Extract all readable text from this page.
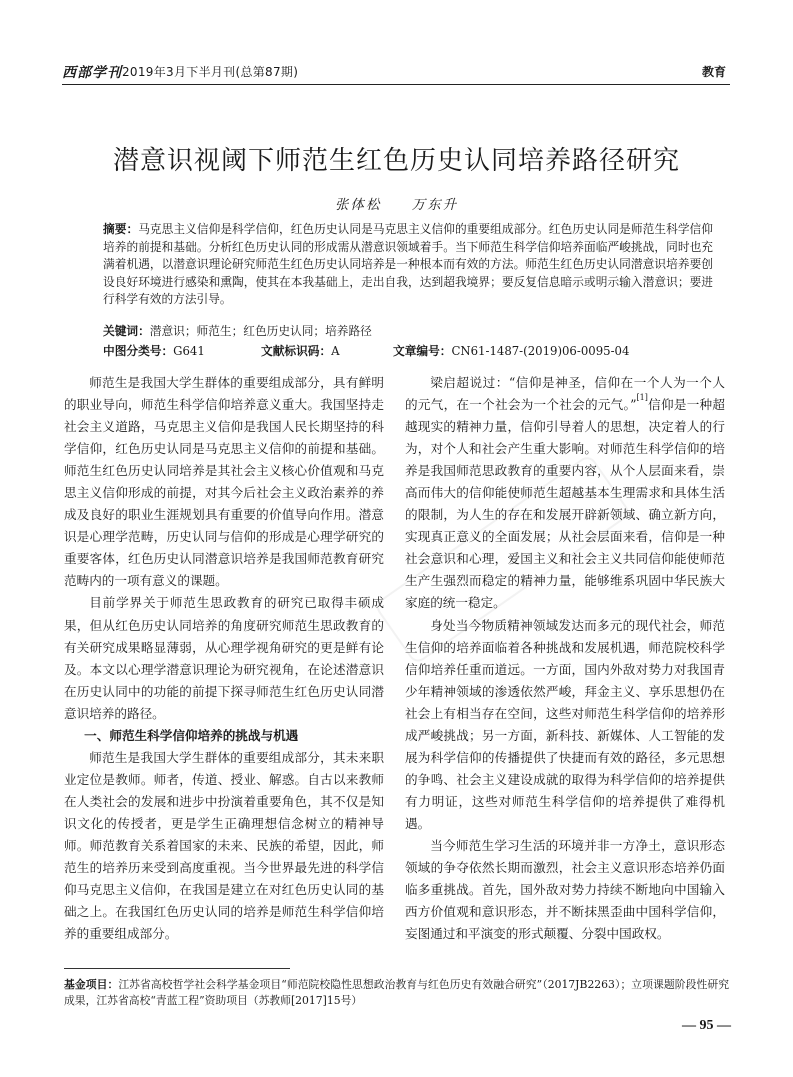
西部学刊 2019年3月下半月刊(总第87期)	教育
潜意识视阈下师范生红色历史认同培养路径研究
张体松 万东升
摘要：马克思主义信仰是科学信仰，红色历史认同是马克思主义信仰的重要组成部分。红色历史认同是师范生科学信仰培养的前提和基础。分析红色历史认同的形成需从潜意识领域着手。当下师范生科学信仰培养面临严峻挑战，同时也充满着机遇，以潜意识理论研究师范生红色历史认同培养是一种根本而有效的方法。师范生红色历史认同潜意识培养要创设良好环境进行感染和熏陶，使其在本我基础上，走出自我，达到超我境界；要反复信息暗示或明示输入潜意识；要进行科学有效的方法引导。
关键词：潜意识；师范生；红色历史认同；培养路径
中图分类号：G641	文献标识码：A	文章编号：CN61-1487-(2019)06-0095-04

师范生是我国大学生群体的重要组成部分，具有鲜明的职业导向，师范生科学信仰培养意义重大。我国坚持走社会主义道路，马克思主义信仰是我国人民长期坚持的科学信仰，红色历史认同是马克思主义信仰的前提和基础。师范生红色历史认同培养是其社会主义核心价值观和马克思主义信仰形成的前提，对其今后社会主义政治素养的养成及良好的职业生涯规划具有重要的价值导向作用。潜意识是心理学范畴，历史认同与信仰的形成是心理学研究的重要客体，红色历史认同潜意识培养是我国师范教育研究范畴内的一项有意义的课题。

目前学界关于师范生思政教育的研究已取得丰硕成果，但从红色历史认同培养的角度研究师范生思政教育的有关研究成果略显薄弱，从心理学视角研究的更是鲜有论及。本文以心理学潜意识理论为研究视角，在论述潜意识在历史认同中的功能的前提下探寻师范生红色历史认同潜意识培养的路径。

一、师范生科学信仰培养的挑战与机遇

师范生是我国大学生群体的重要组成部分，其未来职业定位是教师。师者，传道、授业、解惑。自古以来教师在人类社会的发展和进步中扮演着重要角色，其不仅是知识文化的传授者，更是学生正确理想信念树立的精神导师。师范教育关系着国家的未来、民族的希望，因此，师范生的培养历来受到高度重视。当今世界最先进的科学信仰马克思主义信仰，在我国是建立在对红色历史认同的基础之上。在我国红色历史认同的培养是师范生科学信仰培养的重要组成部分。

梁启超说过：“信仰是神圣，信仰在一个人为一个人的元气，在一个社会为一个社会的元气。”[1]信仰是一种超越现实的精神力量，信仰引导着人的思想，决定着人的行为，对个人和社会产生重大影响。对师范生科学信仰的培养是我国师范思政教育的重要内容，从个人层面来看，崇高而伟大的信仰能使师范生超越基本生理需求和具体生活的限制，为人生的存在和发展开辟新领域、确立新方向，实现真正意义的全面发展；从社会层面来看，信仰是一种社会意识和心理，爱国主义和社会主义共同信仰能使师范生产生强烈而稳定的精神力量，能够维系巩固中华民族大家庭的统一稳定。

身处当今物质精神领域发达而多元的现代社会，师范生信仰的培养面临着各种挑战和发展机遇，师范院校科学信仰培养任重而道远。一方面，国内外敌对势力对我国青少年精神领域的渗透依然严峻，拜金主义、享乐思想仍在社会上有相当存在空间，这些对师范生科学信仰的培养形成严峻挑战；另一方面，新科技、新媒体、人工智能的发展为科学信仰的传播提供了快捷而有效的路径，多元思想的争鸣、社会主义建设成就的取得为科学信仰的培养提供有力明证，这些对师范生科学信仰的培养提供了难得机遇。

当今师范生学习生活的环境并非一方净土，意识形态领域的争夺依然长期而激烈，社会主义意识形态培养仍面临多重挑战。首先，国外敌对势力持续不断地向中国输入西方价值观和意识形态，并不断抹黑歪曲中国科学信仰，妄图通过和平演变的形式颠覆、分裂中国政权。

基金项目：江苏省高校哲学社会科学基金项目“师范院校隐性思想政治教育与红色历史有效融合研究”（2017JB2263）；立项课题阶段性研究成果，江苏省高校“青蓝工程”资助项目（苏教师[2017]15号）
— 95 —
